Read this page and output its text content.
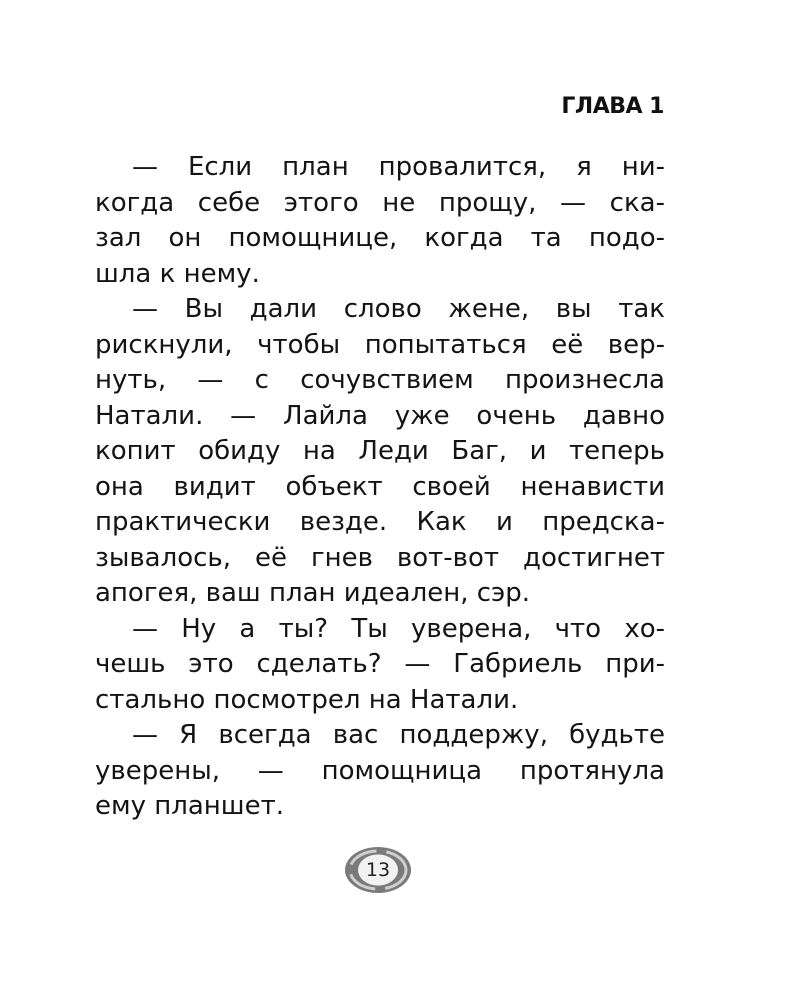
ГЛАВА 1
— Если план провалится, я ни-
когда себе этого не прощу, — ска-
зал он помощнице, когда та подо-
шла к нему.
— Вы дали слово жене, вы так
рискнули, чтобы попытаться её вер-
нуть, — с сочувствием произнесла
Натали. — Лайла уже очень давно
копит обиду на Леди Баг, и теперь
она видит объект своей ненависти
практически везде. Как и предска-
зывалось, её гнев вот-вот достигнет
апогея, ваш план идеален, сэр.
— Ну а ты? Ты уверена, что хо-
чешь это сделать? — Габриель при-
стально посмотрел на Натали.
— Я всегда вас поддержу, будьте
уверены, — помощница протянула
ему планшет.
13
